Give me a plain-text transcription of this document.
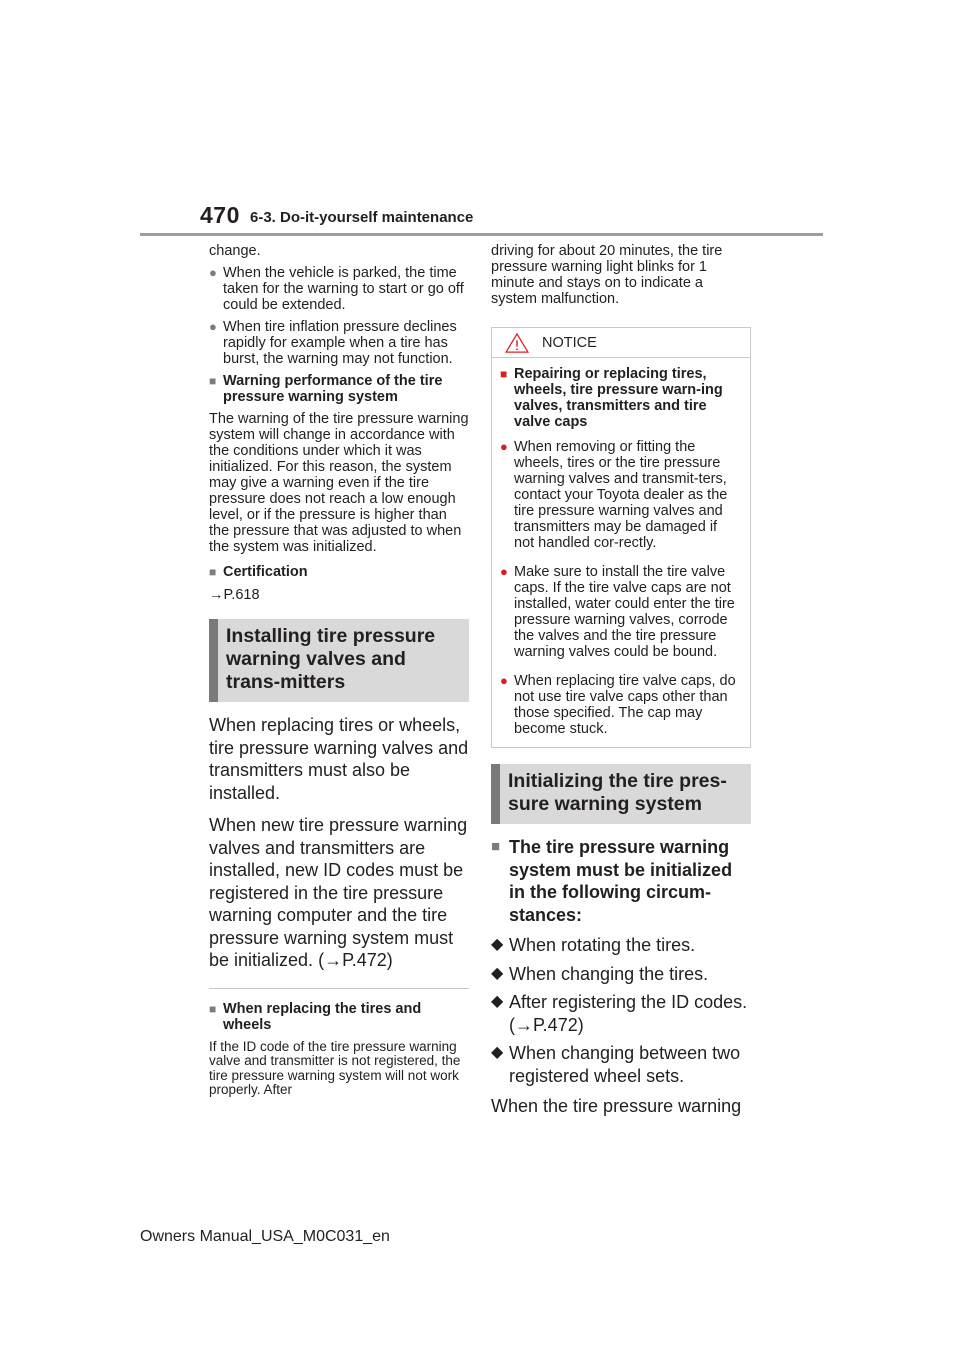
470 6-3. Do-it-yourself maintenance
change.
● When the vehicle is parked, the time taken for the warning to start or go off could be extended.
● When tire inflation pressure declines rapidly for example when a tire has burst, the warning may not function.
■ Warning performance of the tire pressure warning system
The warning of the tire pressure warning system will change in accordance with the conditions under which it was initialized. For this reason, the system may give a warning even if the tire pressure does not reach a low enough level, or if the pressure is higher than the pressure that was adjusted to when the system was initialized.
■ Certification
→P.618
Installing tire pressure warning valves and trans-mitters
When replacing tires or wheels, tire pressure warning valves and transmitters must also be installed.
When new tire pressure warning valves and transmitters are installed, new ID codes must be registered in the tire pressure warning computer and the tire pressure warning system must be initialized. (→P.472)
■ When replacing the tires and wheels
If the ID code of the tire pressure warning valve and transmitter is not registered, the tire pressure warning system will not work properly. After
driving for about 20 minutes, the tire pressure warning light blinks for 1 minute and stays on to indicate a system malfunction.
NOTICE
■ Repairing or replacing tires, wheels, tire pressure warn-ing valves, transmitters and tire valve caps
● When removing or fitting the wheels, tires or the tire pressure warning valves and transmit-ters, contact your Toyota dealer as the tire pressure warning valves and transmitters may be damaged if not handled cor-rectly.
● Make sure to install the tire valve caps. If the tire valve caps are not installed, water could enter the tire pressure warning valves, corrode the valves and the tire pressure warning valves could be bound.
● When replacing tire valve caps, do not use tire valve caps other than those specified. The cap may become stuck.
Initializing the tire pres-sure warning system
■ The tire pressure warning system must be initialized in the following circum-stances:
◆ When rotating the tires.
◆ When changing the tires.
◆ After registering the ID codes.
(→P.472)
◆ When changing between two registered wheel sets.
When the tire pressure warning
Owners Manual_USA_M0C031_en
